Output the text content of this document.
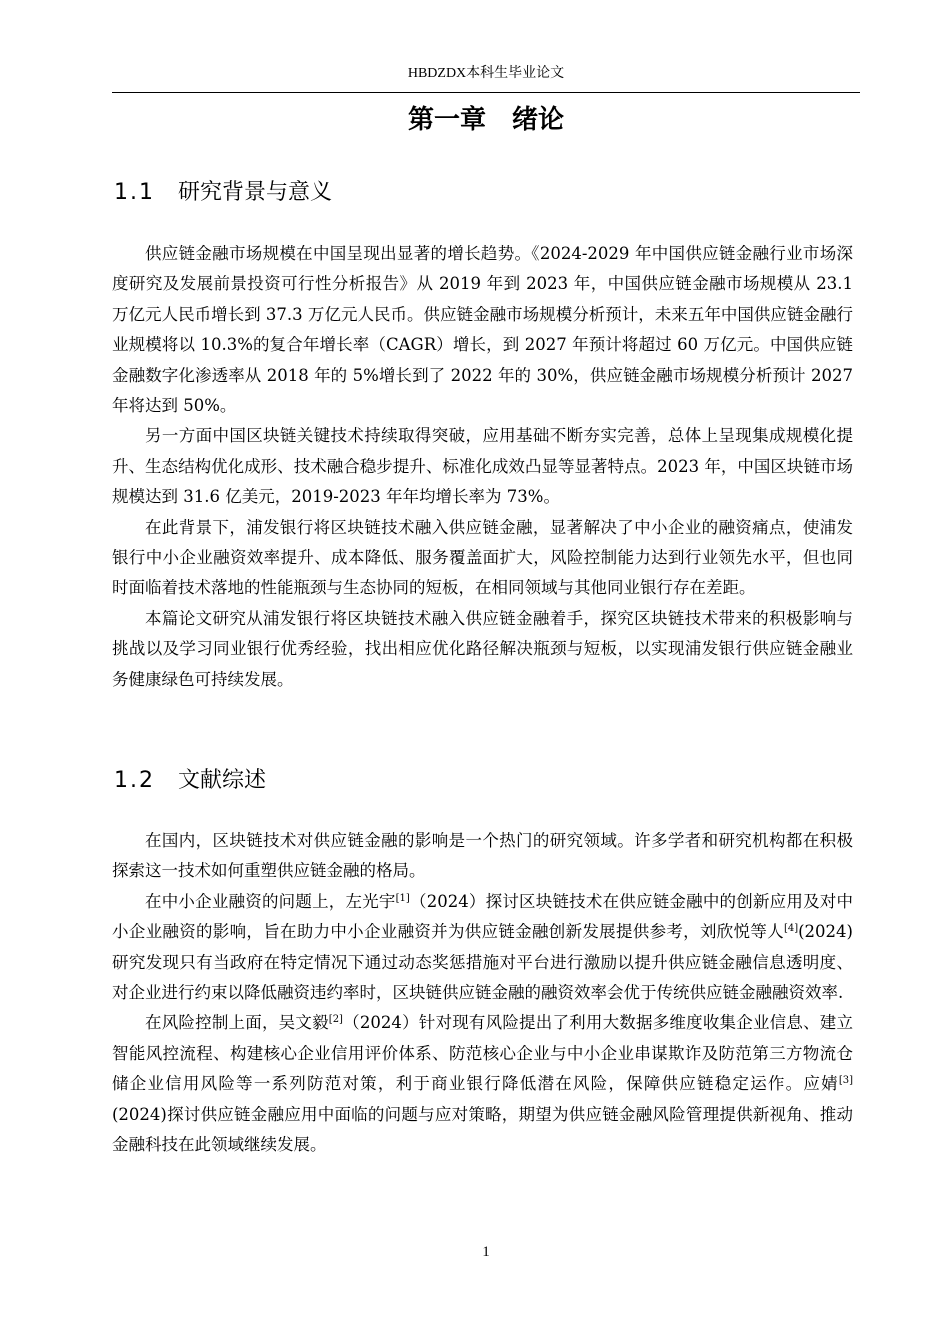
HBDZDX本科生毕业论文
第一章　绪论
1.1 研究背景与意义

供应链金融市场规模在中国呈现出显著的增长趋势。《2024-2029 年中国供应链金融行业市场深度研究及发展前景投资可行性分析报告》从 2019 年到 2023 年，中国供应链金融市场规模从 23.1 万亿元人民币增长到 37.3 万亿元人民币。供应链金融市场规模分析预计，未来五年中国供应链金融行业规模将以 10.3%的复合年增长率（CAGR）增长，到 2027 年预计将超过 60 万亿元。中国供应链金融数字化渗透率从 2018 年的 5%增长到了 2022 年的 30%，供应链金融市场规模分析预计 2027 年将达到 50%。

另一方面中国区块链关键技术持续取得突破，应用基础不断夯实完善，总体上呈现集成规模化提升、生态结构优化成形、技术融合稳步提升、标准化成效凸显等显著特点。2023 年，中国区块链市场规模达到 31.6 亿美元，2019-2023 年年均增长率为 73%。

在此背景下，浦发银行将区块链技术融入供应链金融，显著解决了中小企业的融资痛点，使浦发银行中小企业融资效率提升、成本降低、服务覆盖面扩大，风险控制能力达到行业领先水平，但也同时面临着技术落地的性能瓶颈与生态协同的短板，在相同领域与其他同业银行存在差距。

本篇论文研究从浦发银行将区块链技术融入供应链金融着手，探究区块链技术带来的积极影响与挑战以及学习同业银行优秀经验，找出相应优化路径解决瓶颈与短板，以实现浦发银行供应链金融业务健康绿色可持续发展。

1.2 文献综述

在国内，区块链技术对供应链金融的影响是一个热门的研究领域。许多学者和研究机构都在积极探索这一技术如何重塑供应链金融的格局。

在中小企业融资的问题上，左光宇[1]（2024）探讨区块链技术在供应链金融中的创新应用及对中小企业融资的影响，旨在助力中小企业融资并为供应链金融创新发展提供参考，刘欣悦等人[4](2024)研究发现只有当政府在特定情况下通过动态奖惩措施对平台进行激励以提升供应链金融信息透明度、对企业进行约束以降低融资违约率时，区块链供应链金融的融资效率会优于传统供应链金融融资效率.

在风险控制上面，吴文毅[2]（2024）针对现有风险提出了利用大数据多维度收集企业信息、建立智能风控流程、构建核心企业信用评价体系、防范核心企业与中小企业串谋欺诈及防范第三方物流仓储企业信用风险等一系列防范对策，利于商业银行降低潜在风险，保障供应链稳定运作。应婧[3](2024)探讨供应链金融应用中面临的问题与应对策略，期望为供应链金融风险管理提供新视角、推动金融科技在此领域继续发展。

1
